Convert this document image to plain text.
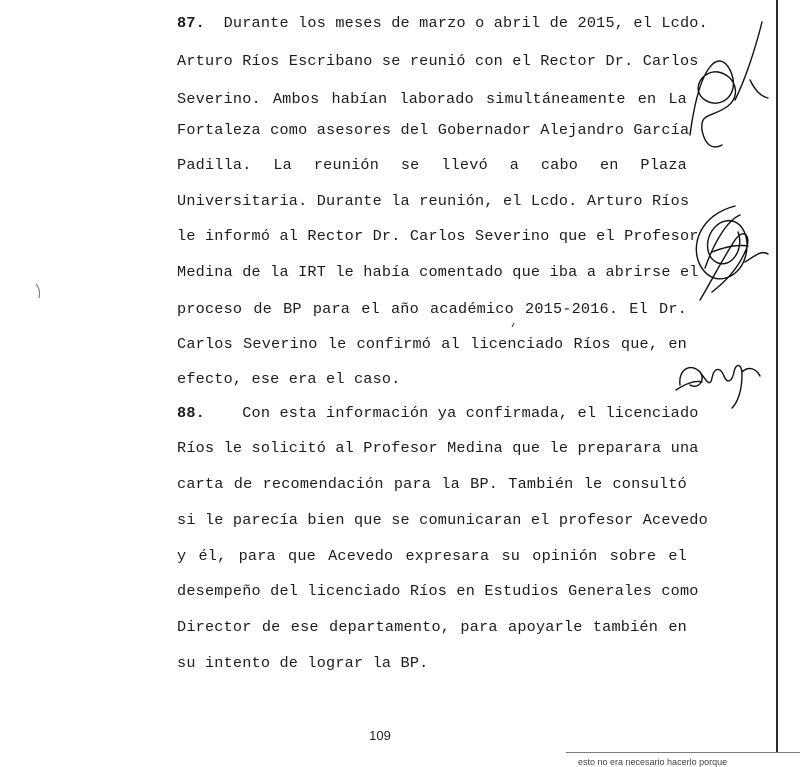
87. Durante los meses de marzo o abril de 2015, el Lcdo.
Arturo Ríos Escribano se reunió con el Rector Dr. Carlos
Severino. Ambos habían laborado simultáneamente en La
Fortaleza como asesores del Gobernador Alejandro García
Padilla. La reunión se llevó a cabo en Plaza
Universitaria. Durante la reunión, el Lcdo. Arturo Ríos
le informó al Rector Dr. Carlos Severino que el Profesor
Medina de la IRT le había comentado que iba a abrirse el
proceso de BP para el año académico 2015-2016. El Dr.
Carlos Severino le confirmó al licenciado Ríos que, en
efecto, ese era el caso.
88. Con esta información ya confirmada, el licenciado
Ríos le solicitó al Profesor Medina que le preparara una
carta de recomendación para la BP. También le consultó
si le parecía bien que se comunicaran el profesor Acevedo
y él, para que Acevedo expresara su opinión sobre el
desempeño del licenciado Ríos en Estudios Generales como
Director de ese departamento, para apoyarle también en
su intento de lograr la BP.
109
esto no era necesario hacerlo porque
